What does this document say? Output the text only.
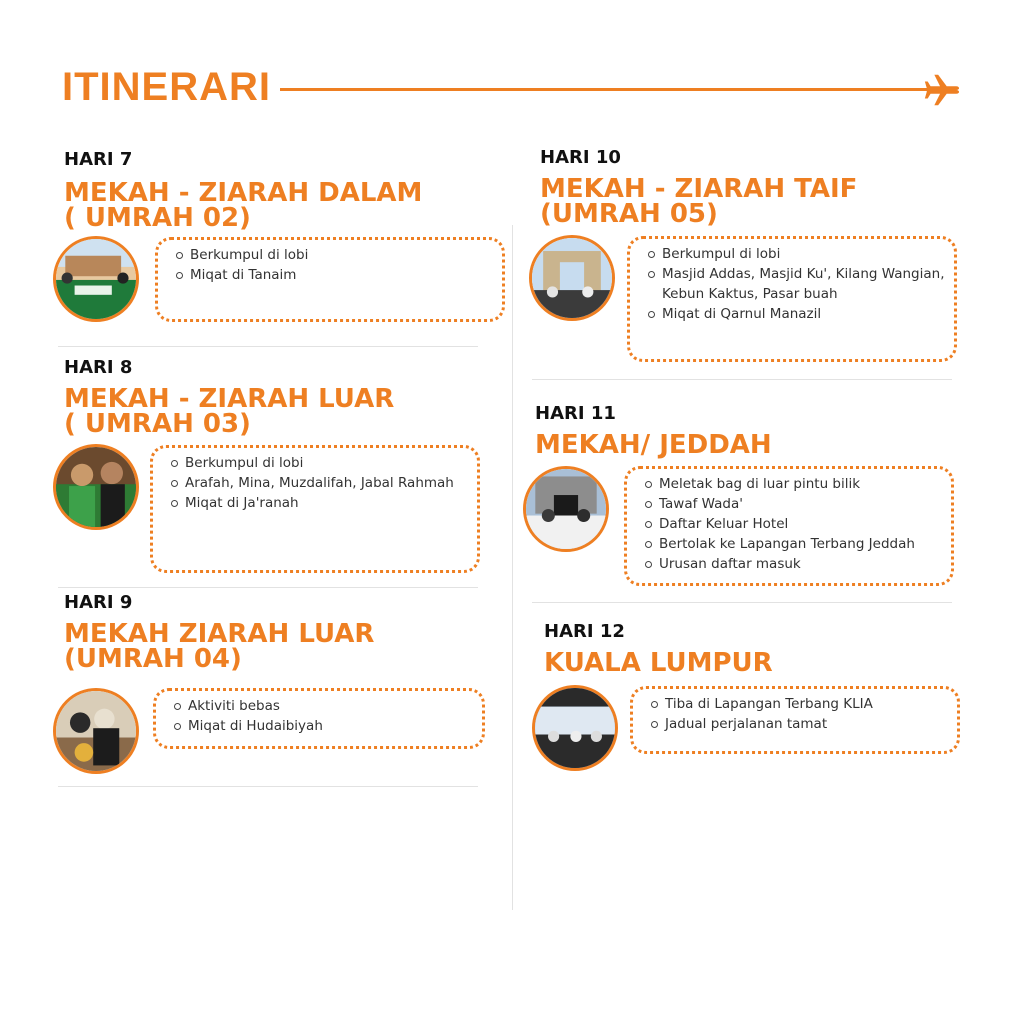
ITINERARI
HARI 7
MEKAH - ZIARAH DALAM
( UMRAH 02)
Berkumpul di lobi
Miqat di Tanaim
HARI 8
MEKAH - ZIARAH LUAR
( UMRAH 03)
Berkumpul di lobi
Arafah, Mina, Muzdalifah, Jabal Rahmah
Miqat di Ja'ranah
HARI 9
MEKAH ZIARAH LUAR
(UMRAH 04)
Aktiviti bebas
Miqat di Hudaibiyah
HARI 10
MEKAH - ZIARAH TAIF
(UMRAH 05)
Berkumpul di lobi
Masjid Addas, Masjid Ku', Kilang Wangian, Kebun Kaktus, Pasar buah
Miqat di Qarnul Manazil
HARI 11
MEKAH/ JEDDAH
Meletak bag di luar pintu bilik
Tawaf Wada'
Daftar Keluar Hotel
Bertolak ke Lapangan Terbang Jeddah
Urusan daftar masuk
HARI 12
KUALA LUMPUR
Tiba di Lapangan Terbang KLIA
Jadual perjalanan tamat
